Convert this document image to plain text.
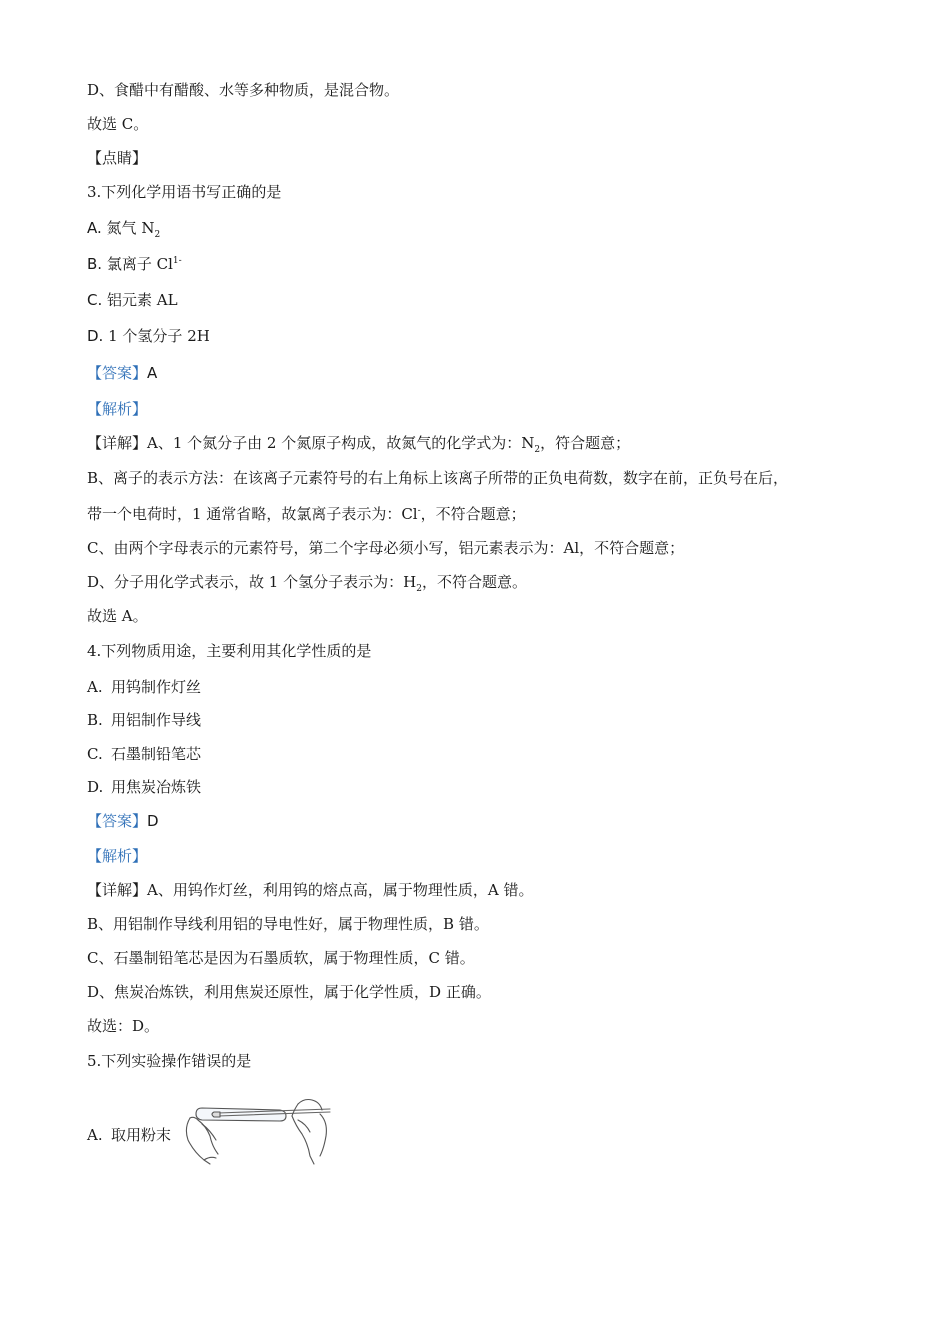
D、食醋中有醋酸、水等多种物质，是混合物。
故选 C。
【点睛】
3.下列化学用语书写正确的是
A. 氮气 $N_2$
B. 氯离子 $Cl^{1-}$
C. 铝元素 AL
D. 1 个氢分子 2H
【答案】A
【解析】
【详解】A、1 个氮分子由 2 个氮原子构成，故氮气的化学式为：$N_2$，符合题意；
B、离子的表示方法：在该离子元素符号的右上角标上该离子所带的正负电荷数，数字在前，正负号在后，
带一个电荷时，1 通常省略，故氯离子表示为：Cl-，不符合题意；
C、由两个字母表示的元素符号，第二个字母必须小写，铝元素表示为：Al，不符合题意；
D、分子用化学式表示，故 1 个氢分子表示为：$H_2$，不符合题意。
故选 A。
4.下列物质用途，主要利用其化学性质的是
A. 用钨制作灯丝
B. 用铝制作导线
C. 石墨制铅笔芯
D. 用焦炭冶炼铁
【答案】D
【解析】
【详解】A、用钨作灯丝，利用钨的熔点高，属于物理性质，A 错。
B、用铝制作导线利用铝的导电性好，属于物理性质，B 错。
C、石墨制铅笔芯是因为石墨质软，属于物理性质，C 错。
D、焦炭冶炼铁，利用焦炭还原性，属于化学性质，D 正确。
故选：D。
5.下列实验操作错误的是
A. 取用粉末
